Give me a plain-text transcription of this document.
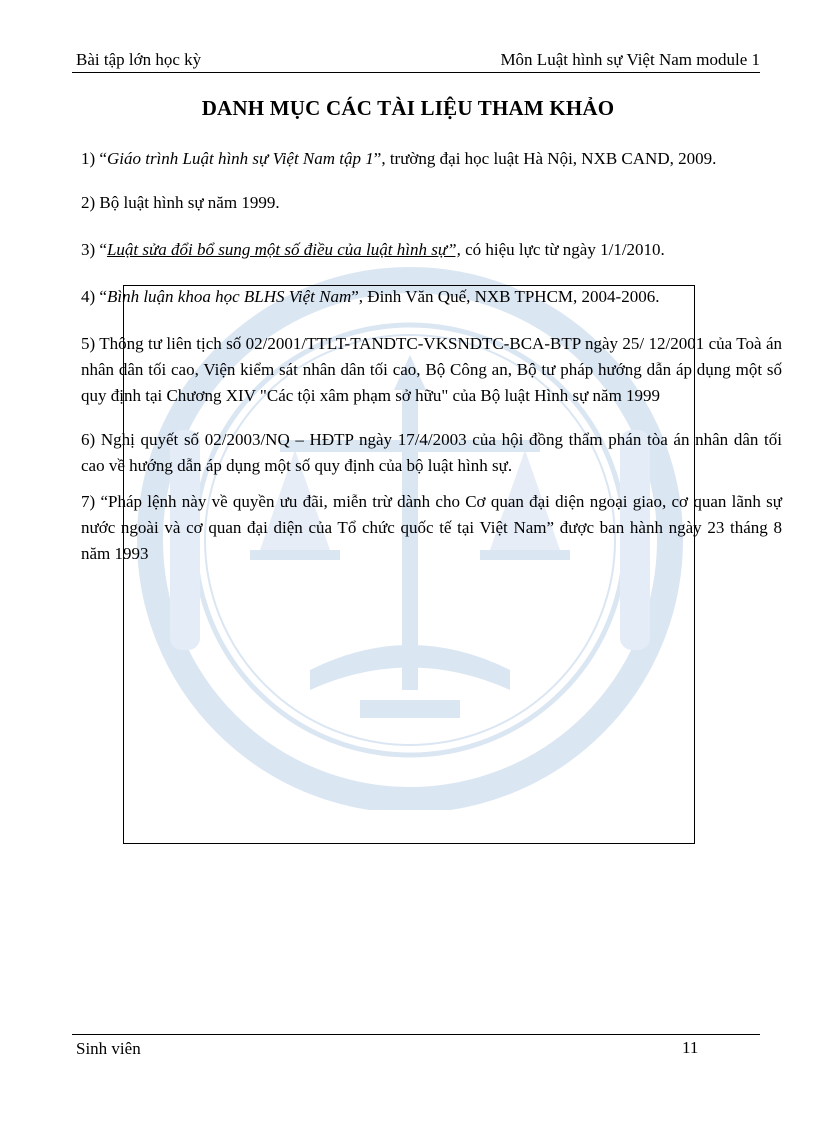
Bài tập lớn học kỳ	Môn Luật hình sự Việt Nam module 1
DANH MỤC CÁC TÀI LIỆU THAM KHẢO

1) “Giáo trình Luật hình sự Việt Nam tập 1”, trường đại học luật Hà Nội, NXB CAND, 2009.

2) Bộ luật hình sự năm 1999.

3) “Luật sửa đổi bổ sung một số điều của luật hình sự”, có hiệu lực từ ngày 1/1/2010.

4) “Bình luận khoa học BLHS Việt Nam”, Đinh Văn Quế, NXB TPHCM, 2004-2006.

5) Thông tư liên tịch số 02/2001/TTLT-TANDTC-VKSNDTC-BCA-BTP ngày 25/ 12/2001 của Toà án nhân dân tối cao, Viện kiểm sát nhân dân tối cao, Bộ Công an, Bộ tư pháp hướng dẫn áp dụng một số quy định tại Chương XIV "Các tội xâm phạm sở hữu" của Bộ luật Hình sự năm 1999

6) Nghị quyết số 02/2003/NQ – HĐTP ngày 17/4/2003 của hội đồng thẩm phán tòa án nhân dân tối cao về hướng dẫn áp dụng một số quy định của bộ luật hình sự.

7) “Pháp lệnh này về quyền ưu đãi, miễn trừ dành cho Cơ quan đại diện ngoại giao, cơ quan lãnh sự nước ngoài và cơ quan đại diện của Tổ chức quốc tế tại Việt Nam” được ban hành ngày 23 tháng 8 năm 1993

Sinh viên	11
